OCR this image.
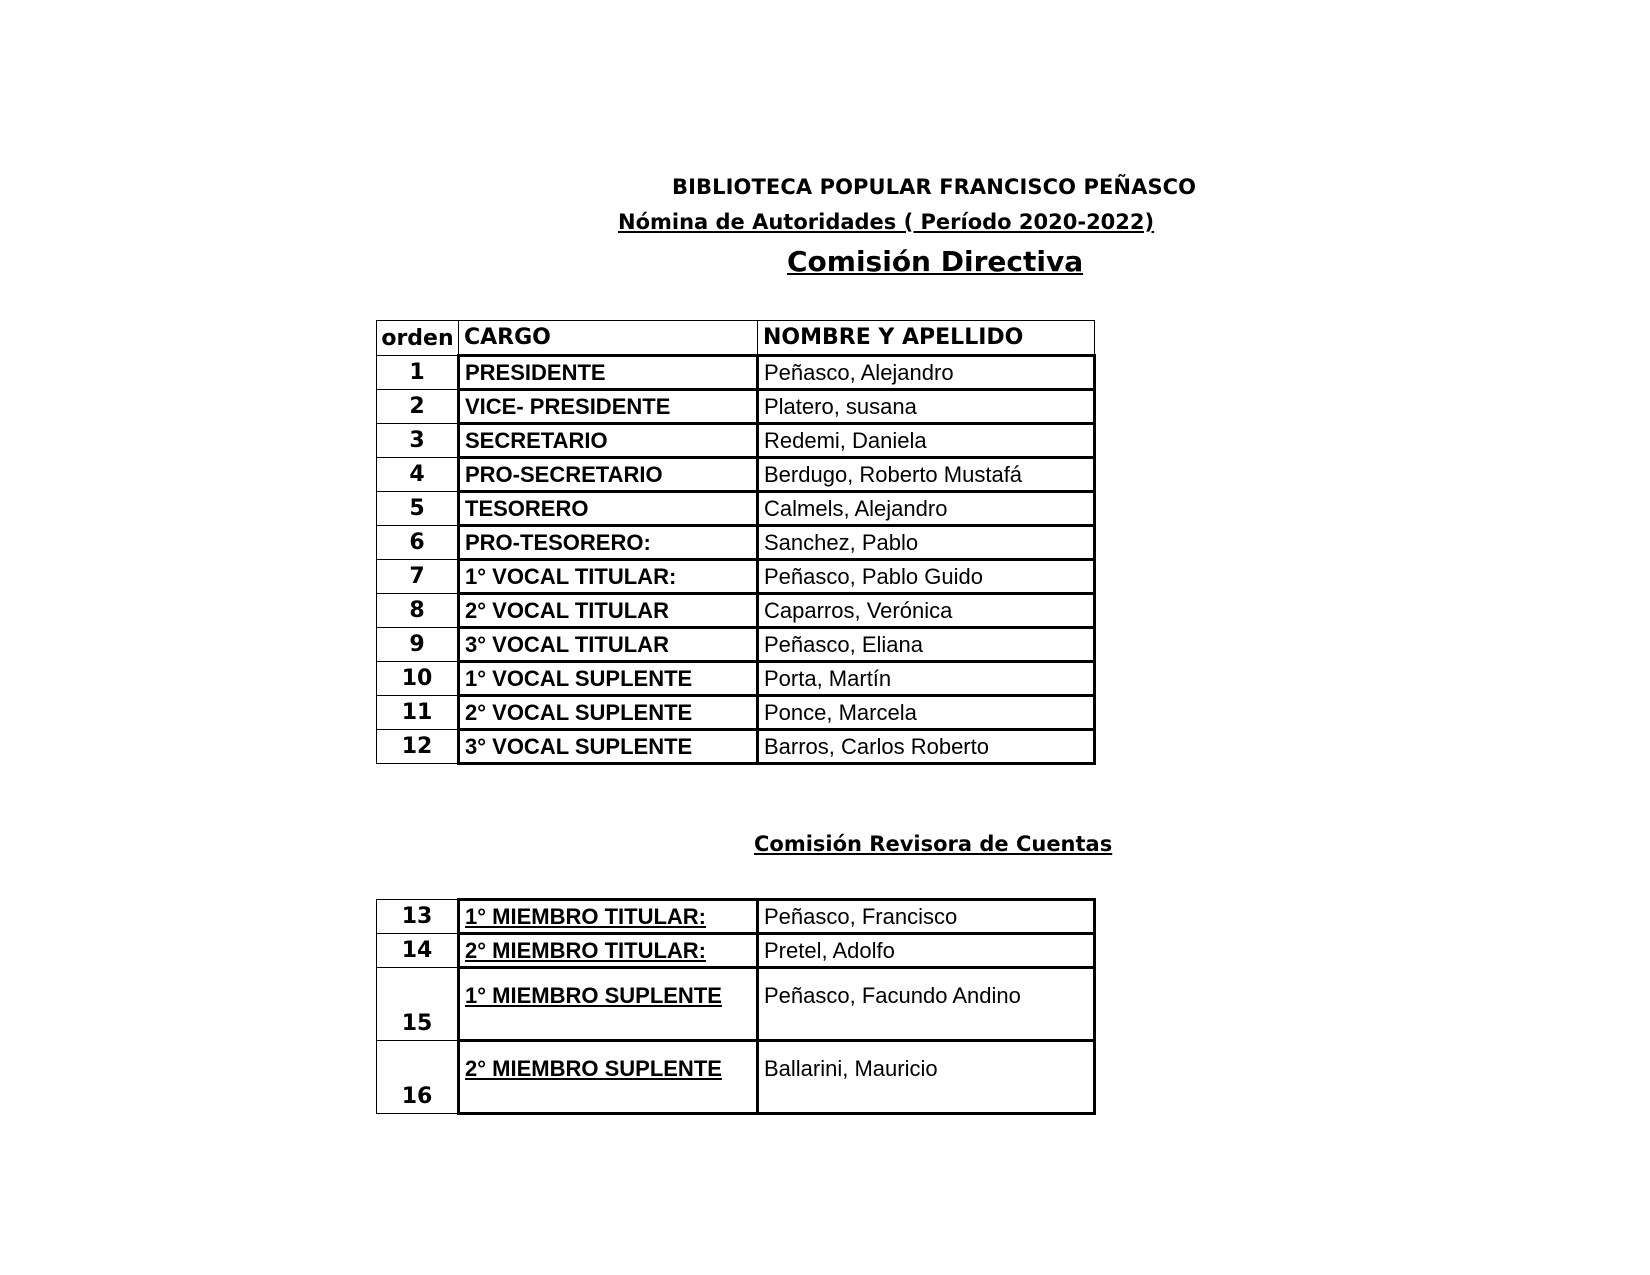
BIBLIOTECA POPULAR FRANCISCO PEÑASCO
Nómina de Autoridades ( Período 2020-2022)
Comisión Directiva
orden	CARGO	NOMBRE Y APELLIDO
1	PRESIDENTE	Peñasco, Alejandro
2	VICE- PRESIDENTE	Platero, susana
3	SECRETARIO	Redemi, Daniela
4	PRO-SECRETARIO	Berdugo, Roberto Mustafá
5	TESORERO	Calmels, Alejandro
6	PRO-TESORERO:	Sanchez, Pablo
7	1° VOCAL TITULAR:	Peñasco, Pablo Guido
8	2° VOCAL TITULAR	Caparros, Verónica
9	3° VOCAL TITULAR	Peñasco, Eliana
10	1° VOCAL SUPLENTE	Porta, Martín
11	2° VOCAL SUPLENTE	Ponce, Marcela
12	3° VOCAL SUPLENTE	Barros, Carlos Roberto
Comisión Revisora de Cuentas
13	1° MIEMBRO TITULAR:	Peñasco, Francisco
14	2° MIEMBRO TITULAR:	Pretel, Adolfo
15	1° MIEMBRO SUPLENTE	Peñasco, Facundo Andino
16	2° MIEMBRO SUPLENTE	Ballarini, Mauricio
